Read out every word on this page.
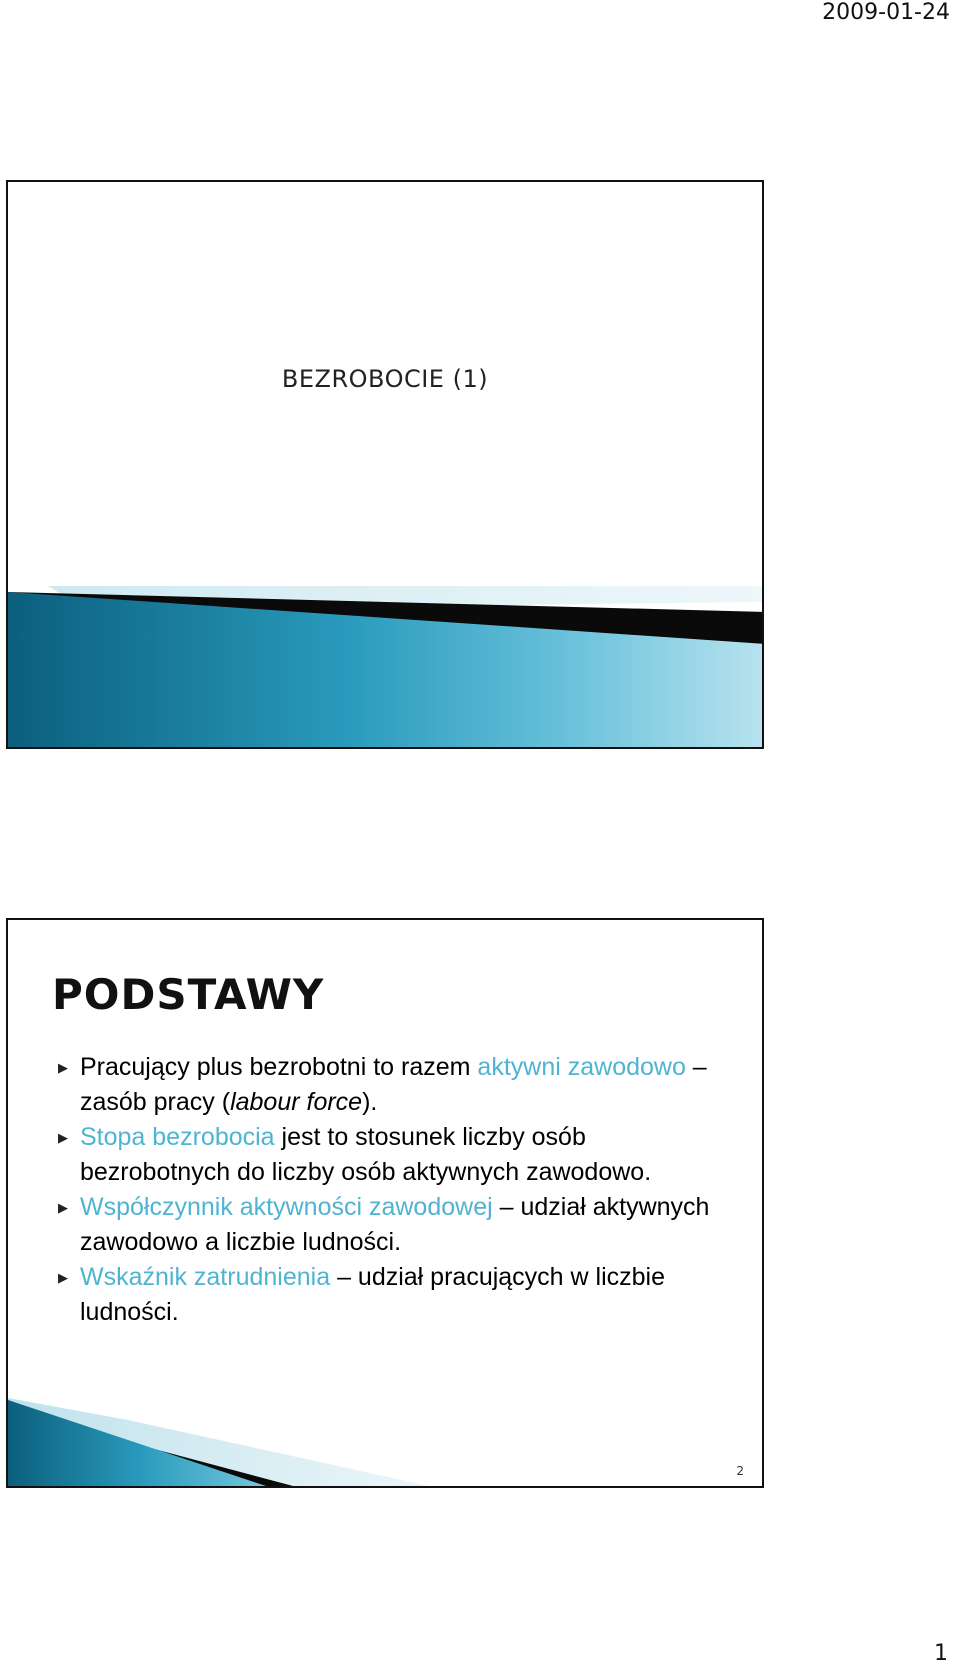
2009-01-24
BEZROBOCIE (1)
PODSTAWY
▶ Pracujący plus bezrobotni to razem aktywni zawodowo – zasób pracy (labour force).
▶ Stopa bezrobocia jest to stosunek liczby osób bezrobotnych do liczby osób aktywnych zawodowo.
▶ Współczynnik aktywności zawodowej – udział aktywnych zawodowo a liczbie ludności.
▶ Wskaźnik zatrudnienia – udział pracujących w liczbie ludności.
2
1
